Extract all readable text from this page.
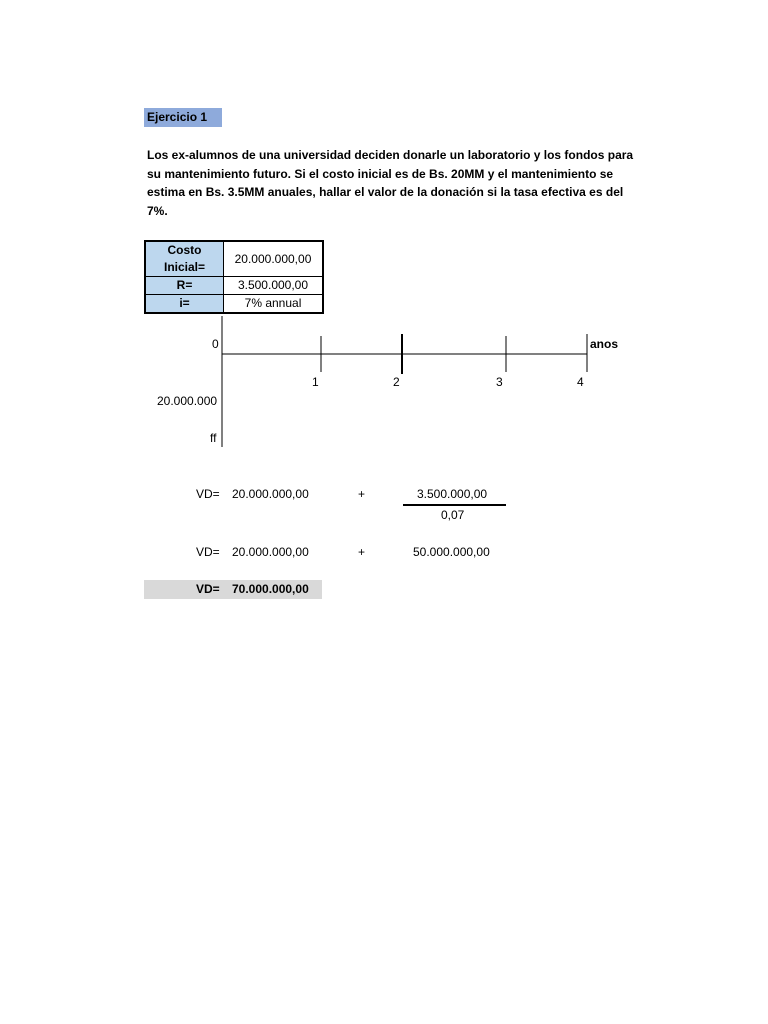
Ejercicio 1
Los ex-alumnos de una universidad deciden donarle un laboratorio y los fondos para su mantenimiento futuro. Si el costo inicial es de Bs. 20MM y el mantenimiento se estima en Bs. 3.5MM anuales, hallar el valor de la donación si la tasa efectiva es del 7%.
Costo Inicial=	20.000.000,00
R=	3.500.000,00
i=	7% annual
0	anos
1	2	3	4
20.000.000
ff
VD= 20.000.000,00	+	3.500.000,00
0,07
VD= 20.000.000,00	+	50.000.000,00
VD= 70.000.000,00
